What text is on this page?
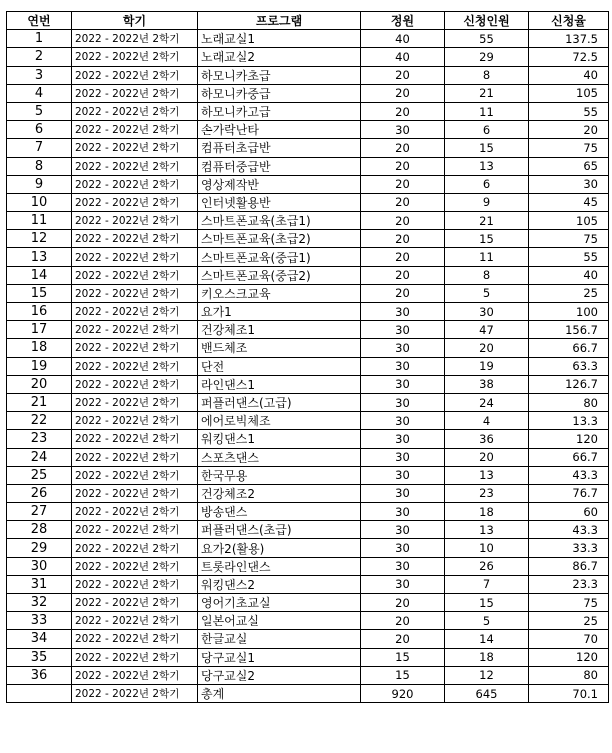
연번	학기	프로그램	정원	신청인원	신청율
1	2022 - 2022년 2학기	노래교실1	40	55	137.5
2	2022 - 2022년 2학기	노래교실2	40	29	72.5
3	2022 - 2022년 2학기	하모니카초급	20	8	40
4	2022 - 2022년 2학기	하모니카중급	20	21	105
5	2022 - 2022년 2학기	하모니카고급	20	11	55
6	2022 - 2022년 2학기	손가락난타	30	6	20
7	2022 - 2022년 2학기	컴퓨터초급반	20	15	75
8	2022 - 2022년 2학기	컴퓨터중급반	20	13	65
9	2022 - 2022년 2학기	영상제작반	20	6	30
10	2022 - 2022년 2학기	인터넷활용반	20	9	45
11	2022 - 2022년 2학기	스마트폰교육(초급1)	20	21	105
12	2022 - 2022년 2학기	스마트폰교육(초급2)	20	15	75
13	2022 - 2022년 2학기	스마트폰교육(중급1)	20	11	55
14	2022 - 2022년 2학기	스마트폰교육(중급2)	20	8	40
15	2022 - 2022년 2학기	키오스크교육	20	5	25
16	2022 - 2022년 2학기	요가1	30	30	100
17	2022 - 2022년 2학기	건강체조1	30	47	156.7
18	2022 - 2022년 2학기	밴드체조	30	20	66.7
19	2022 - 2022년 2학기	단전	30	19	63.3
20	2022 - 2022년 2학기	라인댄스1	30	38	126.7
21	2022 - 2022년 2학기	퍼플러댄스(고급)	30	24	80
22	2022 - 2022년 2학기	에어로빅체조	30	4	13.3
23	2022 - 2022년 2학기	워킹댄스1	30	36	120
24	2022 - 2022년 2학기	스포츠댄스	30	20	66.7
25	2022 - 2022년 2학기	한국무용	30	13	43.3
26	2022 - 2022년 2학기	건강체조2	30	23	76.7
27	2022 - 2022년 2학기	방송댄스	30	18	60
28	2022 - 2022년 2학기	퍼플러댄스(초급)	30	13	43.3
29	2022 - 2022년 2학기	요가2(활용)	30	10	33.3
30	2022 - 2022년 2학기	트롯라인댄스	30	26	86.7
31	2022 - 2022년 2학기	워킹댄스2	30	7	23.3
32	2022 - 2022년 2학기	영어기초교실	20	15	75
33	2022 - 2022년 2학기	일본어교실	20	5	25
34	2022 - 2022년 2학기	한글교실	20	14	70
35	2022 - 2022년 2학기	당구교실1	15	18	120
36	2022 - 2022년 2학기	당구교실2	15	12	80
	2022 - 2022년 2학기	총계	920	645	70.1
